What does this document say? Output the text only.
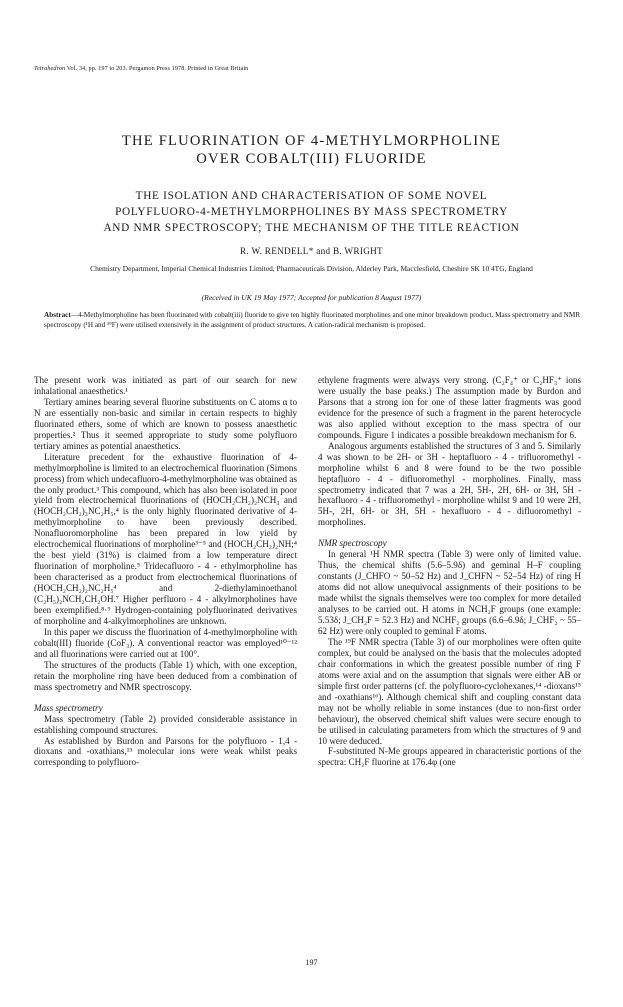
Tetrahedron Vol. 34, pp. 197 to 203. Pergamon Press 1978. Printed in Great Britain
THE FLUORINATION OF 4-METHYLMORPHOLINE
OVER COBALT(III) FLUORIDE
THE ISOLATION AND CHARACTERISATION OF SOME NOVEL
POLYFLUORO-4-METHYLMORPHOLINES BY MASS SPECTROMETRY
AND NMR SPECTROSCOPY; THE MECHANISM OF THE TITLE REACTION
R. W. RENDELL* and B. WRIGHT
Chemistry Department, Imperial Chemical Industries Limited, Pharmaceuticals Division, Alderley Park, Macclesfield, Cheshire SK 10 4TG, England
(Received in UK 19 May 1977; Accepted for publication 8 August 1977)
Abstract—4-Methylmorpholine has been fluorinated with cobalt(iii) fluoride to give ten highly fluorinated morpholines and one minor breakdown product. Mass spectrometry and NMR spectroscopy (¹H and ¹⁹F) were utilised extensively in the assignment of product structures. A cation-radical mechanism is proposed.

The present work was initiated as part of our search for new inhalational anaesthetics.¹

Tertiary amines bearing several fluorine substituents on C atoms α to N are essentially non-basic and similar in certain respects to highly fluorinated ethers, some of which are known to possess anaesthetic properties.² Thus it seemed appropriate to study some polyfluoro tertiary amines as potential anaesthetics.

Literature precedent for the exhaustive fluorination of 4-methylmorpholine is limited to an electrochemical fluorination (Simons process) from which undecafluoro-4-methylmorpholine was obtained as the only product.³ This compound, which has also been isolated in poor yield from electrochemical fluorinations of (HOCH₂CH₂)₂NCH₃ and (HOCH₂CH₂)₃NC₂H₅,⁴ is the only highly fluorinated derivative of 4-methylmorpholine to have been previously described. Nonafluoromorpholine has been prepared in low yield by electrochemical fluorinations of morpholine³⁻⁵ and (HOCH₂CH₂)₂NH;⁴ the best yield (31%) is claimed from a low temperature direct fluorination of morpholine.⁵ Tridecafluoro - 4 - ethylmorpholine has been characterised as a product from electrochemical fluorinations of (HOCH₂CH₂)₂NC₂H₅⁴ and 2-diethylaminoethanol (C₂H₅)₂NCH₂CH₂OH.⁷ Higher perfluoro - 4 - alkylmorpholines have been exemplified.⁸·⁹ Hydrogen-containing polyfluorinated derivatives of morpholine and 4-alkylmorpholines are unknown.

In this paper we discuss the fluorination of 4-methylmorpholine with cobalt(III) fluoride (CoF₃). A conventional reactor was employed¹⁰⁻¹² and all fluorinations were carried out at 100°.

The structures of the products (Table 1) which, with one exception, retain the morpholine ring have been deduced from a combination of mass spectrometry and NMR spectroscopy.

Mass spectrometry

Mass spectrometry (Table 2) provided considerable assistance in establishing compound structures.

As established by Burdon and Parsons for the polyfluoro - 1,4 - dioxans and -oxathians,¹³ molecular ions were weak whilst peaks corresponding to polyfluoro-

ethylene fragments were always very strong. (C₂F₄⁺ or C₂HF₃⁺ ions were usually the base peaks.) The assumption made by Burdon and Parsons that a strong ion for one of these latter fragments was good evidence for the presence of such a fragment in the parent heterocycle was also applied without exception to the mass spectra of our compounds. Figure 1 indicates a possible breakdown mechanism for 6.

Analogous arguments established the structures of 3 and 5. Similarly 4 was shown to be 2H- or 3H - heptafluoro - 4 - trifluoromethyl - morpholine whilst 6 and 8 were found to be the two possible heptafluoro - 4 - difluoromethyl - morpholines. Finally, mass spectrometry indicated that 7 was a 2H, 5H-, 2H, 6H- or 3H, 5H - hexafluoro - 4 - trifluoromethyl - morpholine whilst 9 and 10 were 2H, 5H-, 2H, 6H- or 3H, 5H - hexafluoro - 4 - difluoromethyl - morpholines.

NMR spectroscopy

In general ¹H NMR spectra (Table 3) were only of limited value. Thus, the chemical shifts (5.6–5.9δ) and geminal H–F coupling constants (J_CHFO ~ 50–52 Hz) and J_CHFN ~ 52–54 Hz) of ring H atoms did not allow unequivocal assignments of their positions to be made whilst the signals themselves were too complex for more detailed analyses to be carried out. H atoms in NCH₂F groups (one example: 5.53δ; J_CH₂F = 52.3 Hz) and NCHF₂ groups (6.6–6.9δ; J_CHF₂ ~ 55–62 Hz) were only coupled to geminal F atoms.

The ¹⁹F NMR spectra (Table 3) of our morpholines were often quite complex, but could be analysed on the basis that the molecules adopted chair conformations in which the greatest possible number of ring F atoms were axial and on the assumption that signals were either AB or simple first order patterns (cf. the polyfluoro-cyclohexanes,¹⁴ -dioxans¹⁵ and -oxathians¹⁶). Although chemical shift and coupling constant data may not be wholly reliable in some instances (due to non-first order behaviour), the observed chemical shift values were secure enough to be utilised in calculating parameters from which the structures of 9 and 10 were deduced.

F-substituted N-Me groups appeared in characteristic portions of the spectra: CH₂F fluorine at 176.4φ (one

197
